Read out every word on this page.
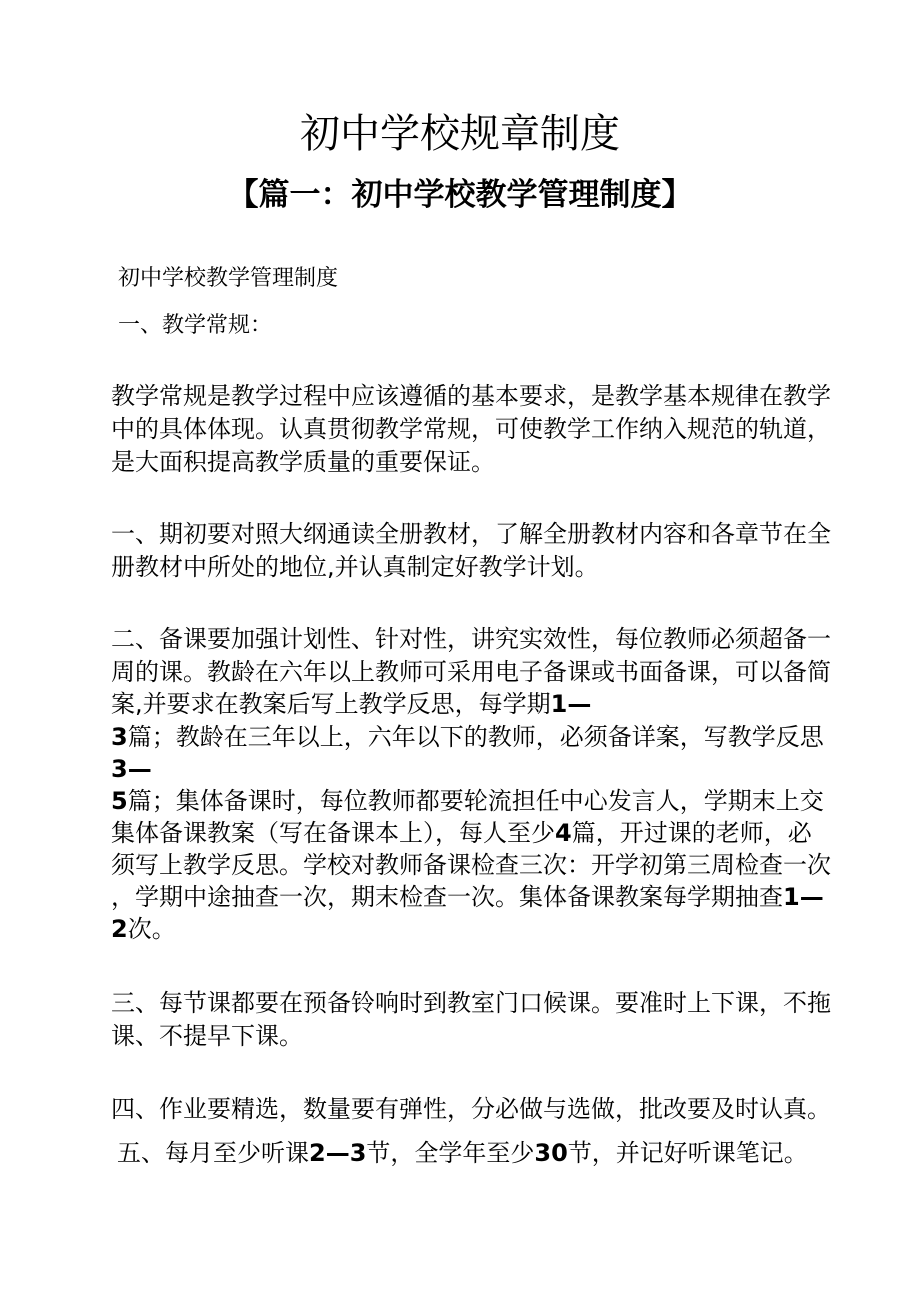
初中学校规章制度
【篇一：初中学校教学管理制度】

初中学校教学管理制度

一、教学常规：

教学常规是教学过程中应该遵循的基本要求，是教学基本规律在教学

中的具体体现。认真贯彻教学常规，可使教学工作纳入规范的轨道，

是大面积提高教学质量的重要保证。

一、期初要对照大纲通读全册教材，了解全册教材内容和各章节在全

册教材中所处的地位,并认真制定好教学计划。

二、备课要加强计划性、针对性，讲究实效性，每位教师必须超备一

周的课。教龄在六年以上教师可采用电子备课或书面备课，可以备简

案,并要求在教案后写上教学反思，每学期1—

3篇；教龄在三年以上，六年以下的教师，必须备详案，写教学反思

3—

5篇；集体备课时，每位教师都要轮流担任中心发言人，学期末上交

集体备课教案（写在备课本上），每人至少4篇，开过课的老师，必

须写上教学反思。学校对教师备课检查三次：开学初第三周检查一次

，学期中途抽查一次，期末检查一次。集体备课教案每学期抽查1—

2次。

三、每节课都要在预备铃响时到教室门口候课。要准时上下课，不拖

课、不提早下课。

四、作业要精选，数量要有弹性，分必做与选做，批改要及时认真。

五、每月至少听课2—3节，全学年至少30节，并记好听课笔记。
